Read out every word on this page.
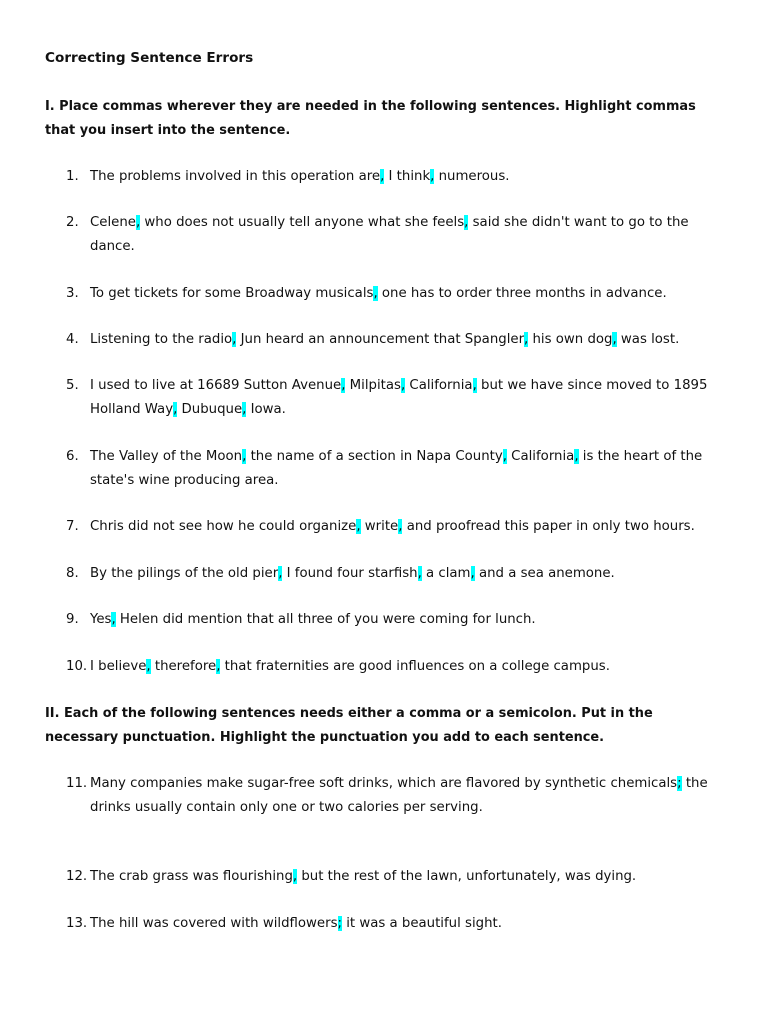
Correcting Sentence Errors

I. Place commas wherever they are needed in the following sentences. Highlight commas that you insert into the sentence.

1. The problems involved in this operation are, I think, numerous.
2. Celene, who does not usually tell anyone what she feels, said she didn't want to go to the dance.
3. To get tickets for some Broadway musicals, one has to order three months in advance.
4. Listening to the radio, Jun heard an announcement that Spangler, his own dog, was lost.
5. I used to live at 16689 Sutton Avenue, Milpitas, California, but we have since moved to 1895 Holland Way, Dubuque, Iowa.
6. The Valley of the Moon, the name of a section in Napa County, California, is the heart of the state's wine producing area.
7. Chris did not see how he could organize, write, and proofread this paper in only two hours.
8. By the pilings of the old pier, I found four starfish, a clam, and a sea anemone.
9. Yes, Helen did mention that all three of you were coming for lunch.
10. I believe, therefore, that fraternities are good influences on a college campus.

II. Each of the following sentences needs either a comma or a semicolon. Put in the necessary punctuation. Highlight the punctuation you add to each sentence.

11. Many companies make sugar-free soft drinks, which are flavored by synthetic chemicals; the drinks usually contain only one or two calories per serving.
12. The crab grass was flourishing, but the rest of the lawn, unfortunately, was dying.
13. The hill was covered with wildflowers; it was a beautiful sight.
